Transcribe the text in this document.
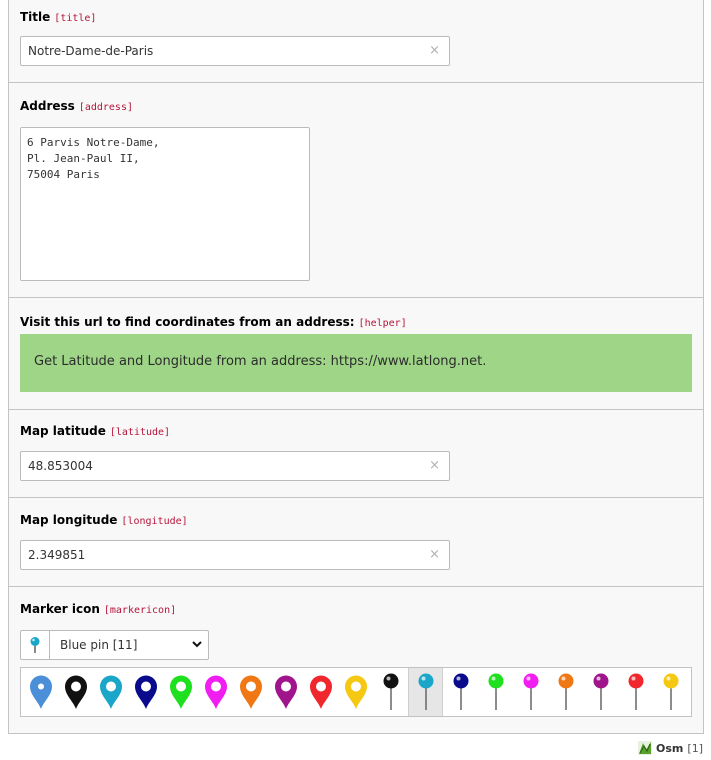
Title [title]
Notre-Dame-de-Paris	×
Address [address]
6 Parvis Notre-Dame,
Pl. Jean-Paul II,
75004 Paris
Visit this url to find coordinates from an address: [helper]
Get Latitude and Longitude from an address: https://www.latlong.net.
Map latitude [latitude]
48.853004	×
Map longitude [longitude]
2.349851	×
Marker icon [markericon]
Blue pin [11]
Osm [1]
